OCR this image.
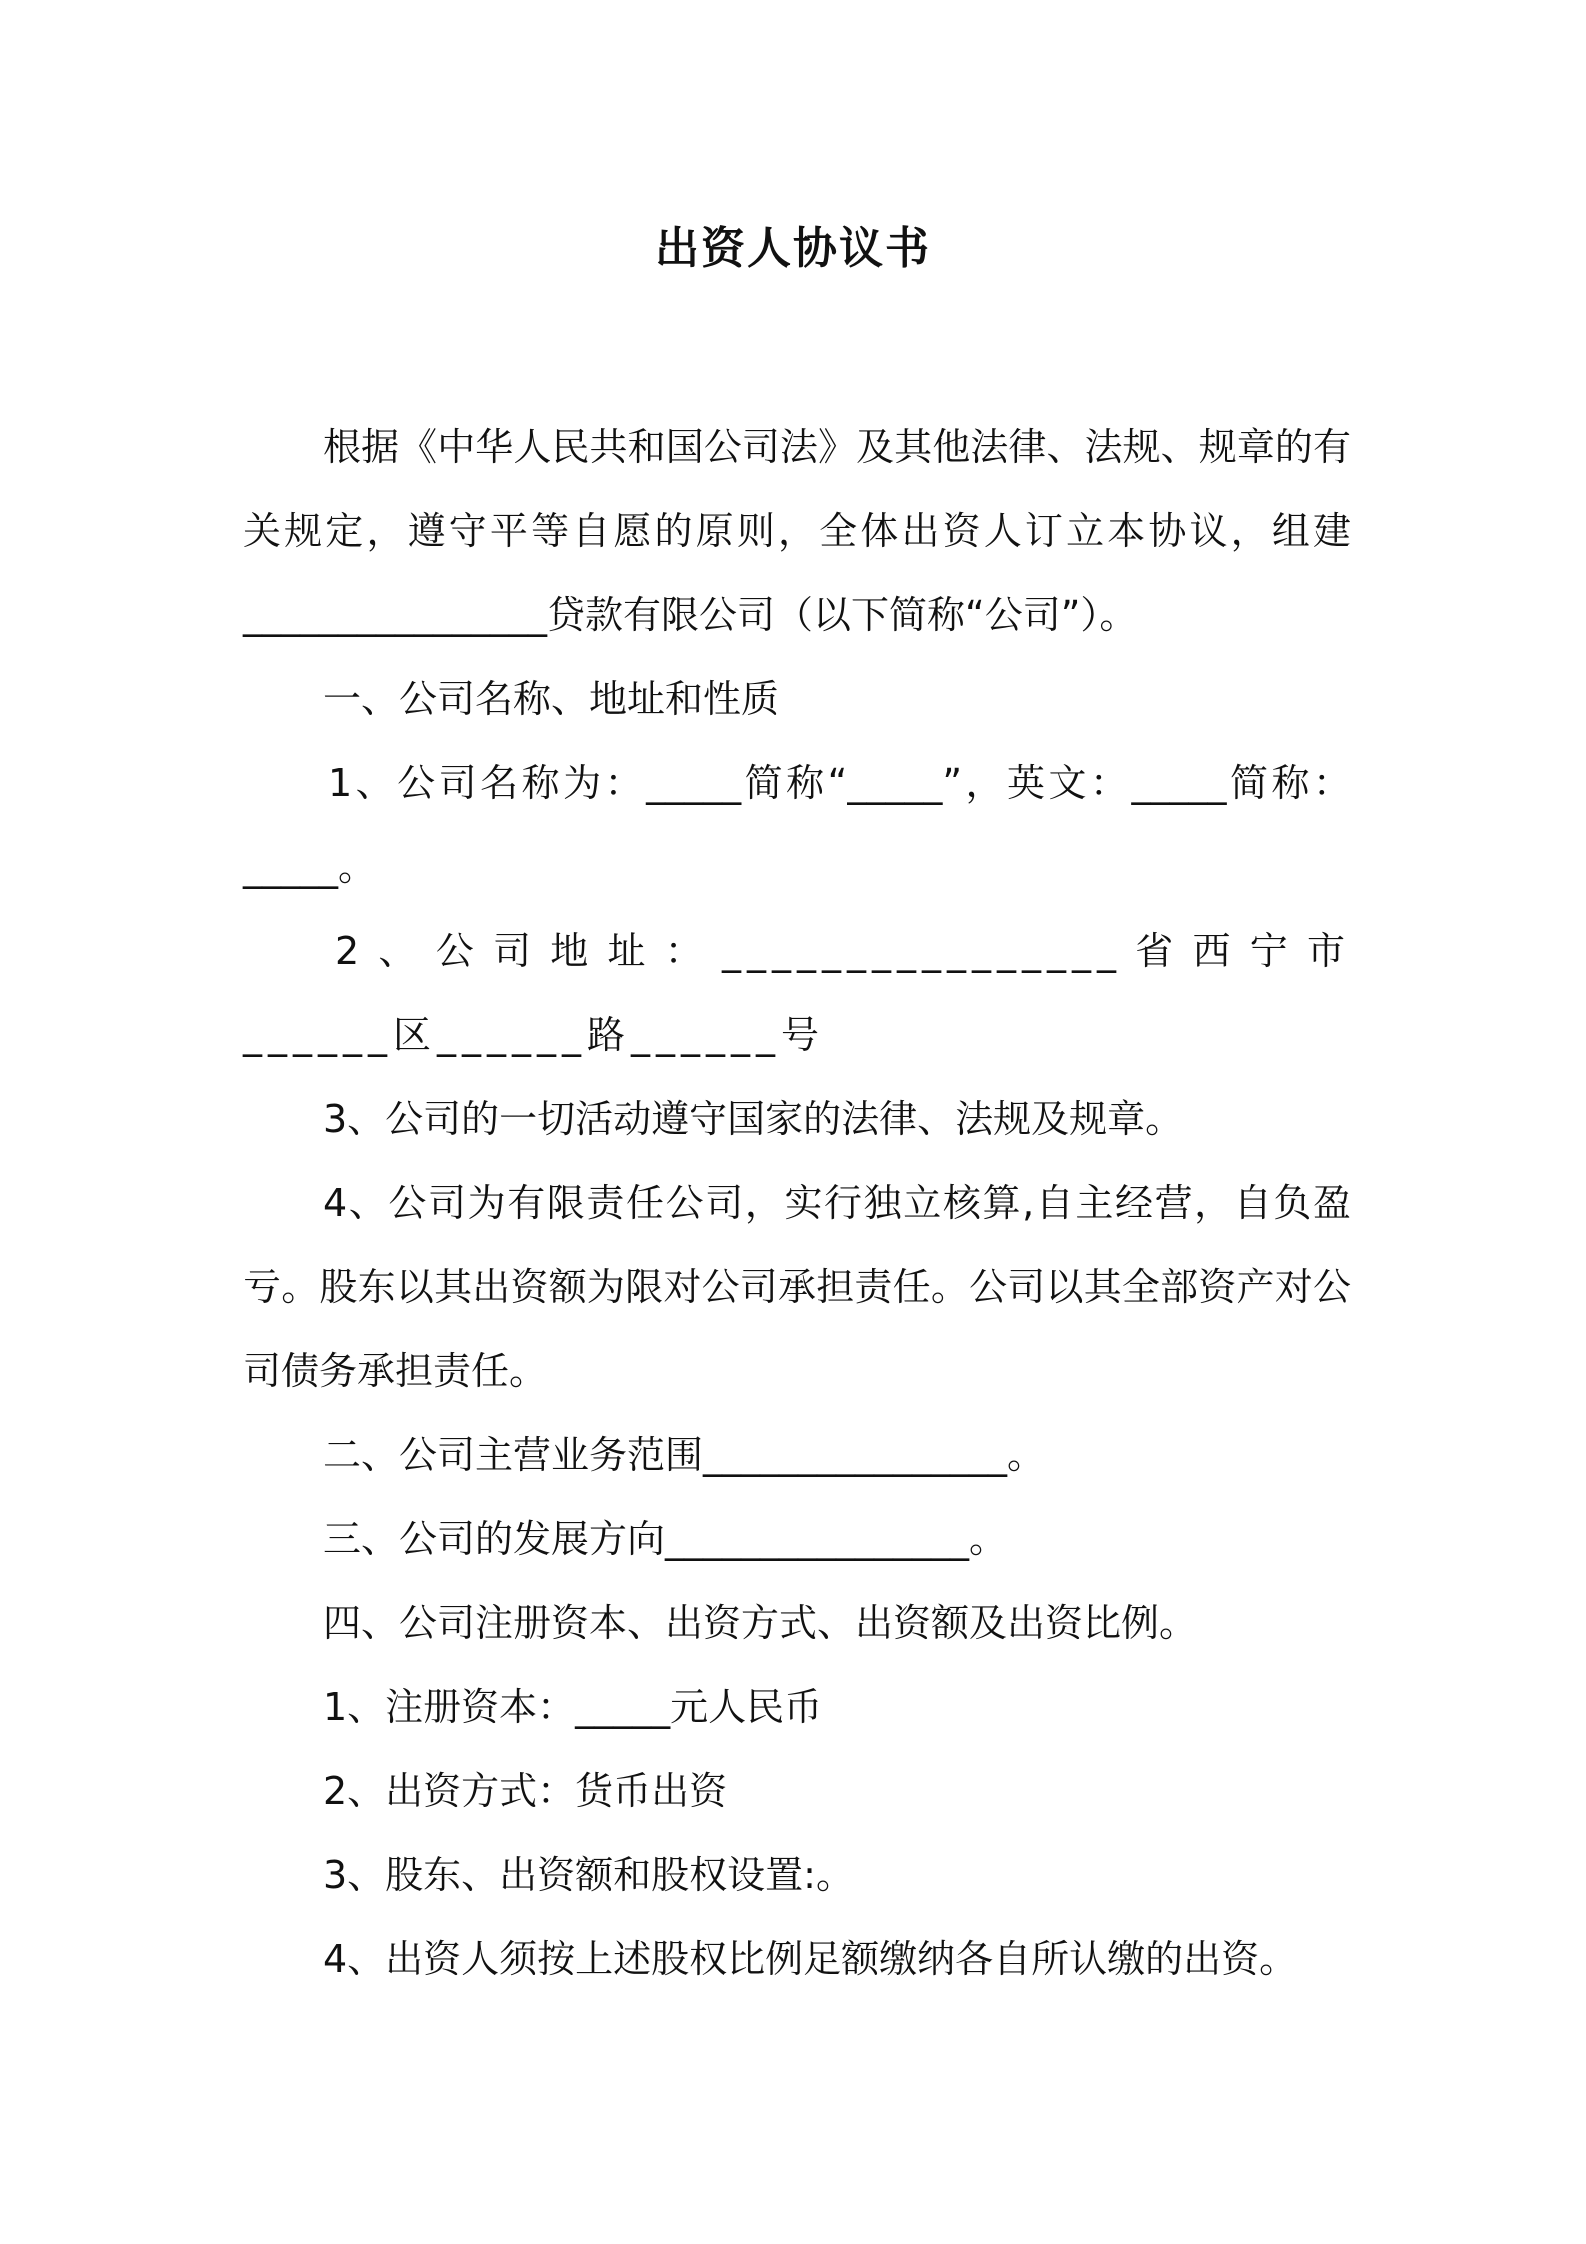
出资人协议书

根据《中华人民共和国公司法》及其他法律、法规、规章的有关规定，遵守平等自愿的原则，全体出资人订立本协议，组建________________贷款有限公司（以下简称“公司”）。

一、公司名称、地址和性质

1、公司名称为：_____简称“_____”，英文：_____简称：_____。

2、公司地址：________________省西宁市______区______路______号

3、公司的一切活动遵守国家的法律、法规及规章。

4、公司为有限责任公司，实行独立核算,自主经营，自负盈亏。股东以其出资额为限对公司承担责任。公司以其全部资产对公司债务承担责任。

二、公司主营业务范围________________。

三、公司的发展方向________________。

四、公司注册资本、出资方式、出资额及出资比例。

1、注册资本：_____元人民币

2、出资方式：货币出资

3、股东、出资额和股权设置:。

4、出资人须按上述股权比例足额缴纳各自所认缴的出资。
